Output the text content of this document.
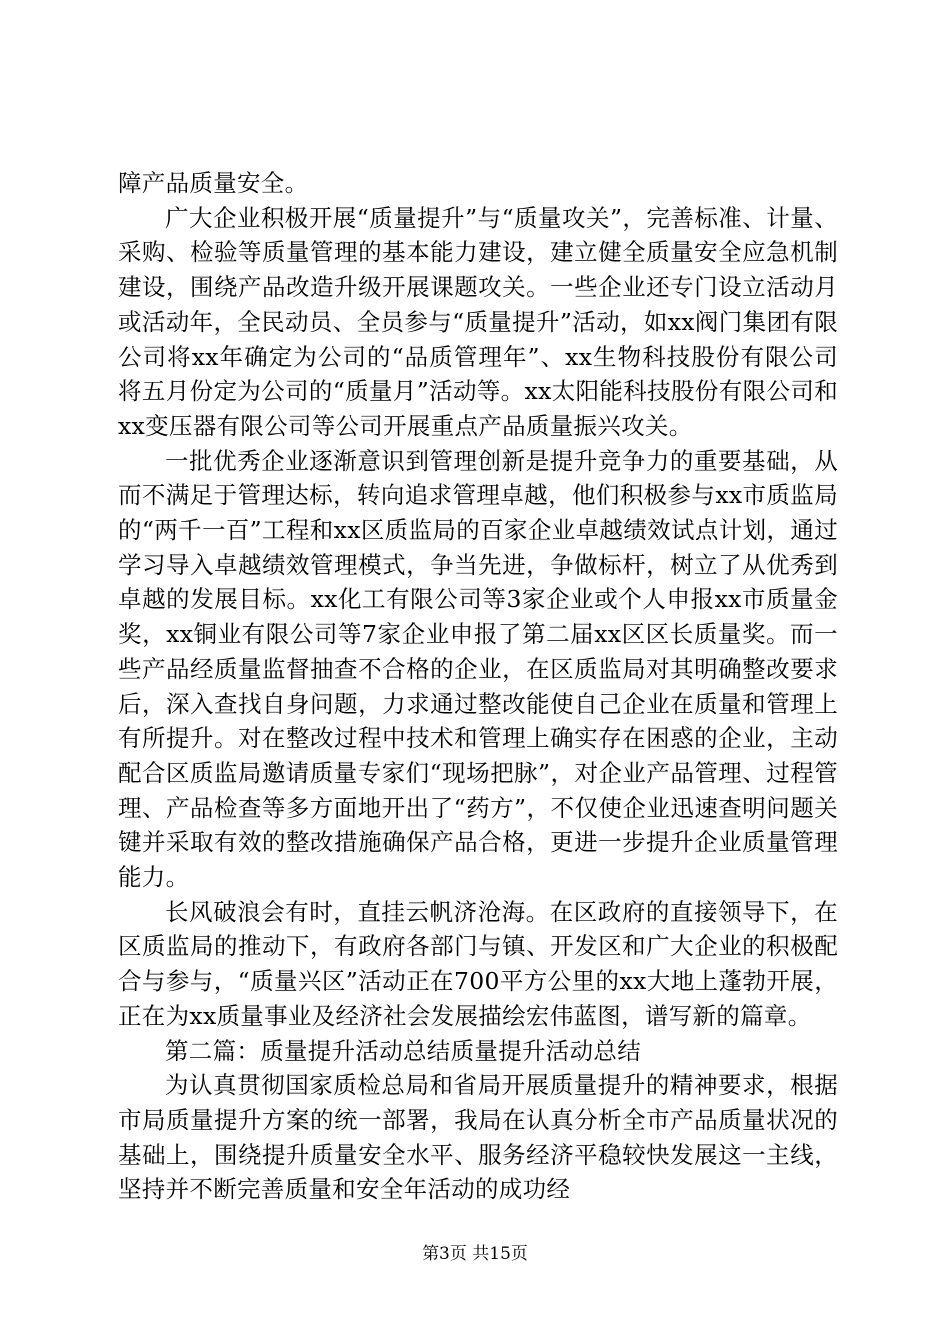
障产品质量安全。

广大企业积极开展“质量提升”与“质量攻关”，完善标准、计量、采购、检验等质量管理的基本能力建设，建立健全质量安全应急机制建设，围绕产品改造升级开展课题攻关。一些企业还专门设立活动月或活动年，全民动员、全员参与“质量提升”活动，如xx阀门集团有限公司将xx年确定为公司的“品质管理年”、xx生物科技股份有限公司将五月份定为公司的“质量月”活动等。xx太阳能科技股份有限公司和xx变压器有限公司等公司开展重点产品质量振兴攻关。

一批优秀企业逐渐意识到管理创新是提升竞争力的重要基础，从而不满足于管理达标，转向追求管理卓越，他们积极参与xx市质监局的“两千一百”工程和xx区质监局的百家企业卓越绩效试点计划，通过学习导入卓越绩效管理模式，争当先进，争做标杆，树立了从优秀到卓越的发展目标。xx化工有限公司等3家企业或个人申报xx市质量金奖，xx铜业有限公司等7家企业申报了第二届xx区区长质量奖。而一些产品经质量监督抽查不合格的企业，在区质监局对其明确整改要求后，深入查找自身问题，力求通过整改能使自己企业在质量和管理上有所提升。对在整改过程中技术和管理上确实存在困惑的企业，主动配合区质监局邀请质量专家们“现场把脉”，对企业产品管理、过程管理、产品检查等多方面地开出了“药方”，不仅使企业迅速查明问题关键并采取有效的整改措施确保产品合格，更进一步提升企业质量管理能力。

长风破浪会有时，直挂云帆济沧海。在区政府的直接领导下，在区质监局的推动下，有政府各部门与镇、开发区和广大企业的积极配合与参与，“质量兴区”活动正在700平方公里的xx大地上蓬勃开展，正在为xx质量事业及经济社会发展描绘宏伟蓝图，谱写新的篇章。

第二篇：质量提升活动总结质量提升活动总结

为认真贯彻国家质检总局和省局开展质量提升的精神要求，根据市局质量提升方案的统一部署，我局在认真分析全市产品质量状况的基础上，围绕提升质量安全水平、服务经济平稳较快发展这一主线，坚持并不断完善质量和安全年活动的成功经

第3页 共15页
